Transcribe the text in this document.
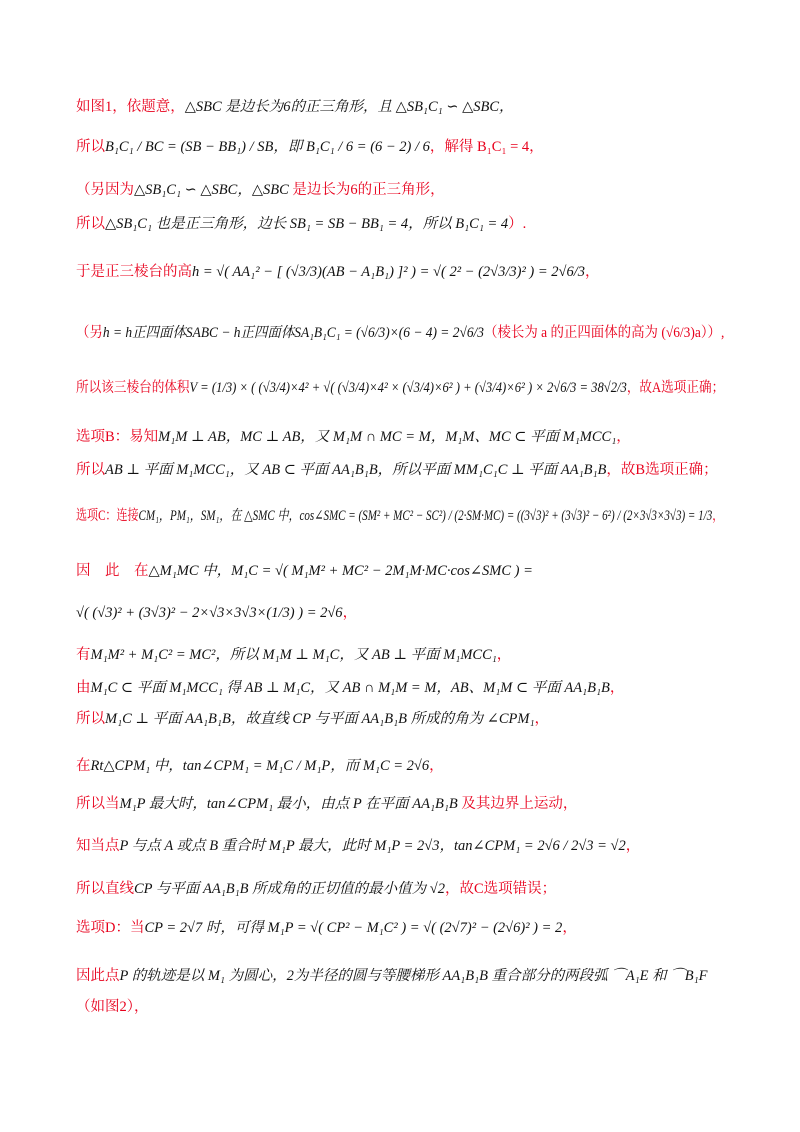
如图1，依题意，△SBC 是边长为6的正三角形，且 △SB₁C₁ ∽ △SBC，
所以B₁C₁ / BC = (SB − BB₁) / SB，即 B₁C₁ / 6 = (6 − 2) / 6，解得 B₁C₁ = 4，
（另因为△SB₁C₁ ∽ △SBC，△SBC 是边长为6的正三角形，
所以△SB₁C₁ 也是正三角形，边长 SB₁ = SB − BB₁ = 4，所以 B₁C₁ = 4）.
于是正三棱台的高h = √( AA₁² − [ (√3/3)(AB − A₁B₁) ]² ) = √( 2² − (2√3/3)² ) = 2√6/3，
（另h = h正四面体SABC − h正四面体SA₁B₁C₁ = (√6/3)×(6 − 4) = 2√6/3（棱长为 a 的正四面体的高为 (√6/3)a））,
所以该三棱台的体积V = (1/3) × ( (√3/4)×4² + √( (√3/4)×4² × (√3/4)×6² ) + (√3/4)×6² ) × 2√6/3 = 38√2/3，故A选项正确；
选项B：易知M₁M ⊥ AB，MC ⊥ AB，又 M₁M ∩ MC = M，M₁M、MC ⊂ 平面 M₁MCC₁，
所以AB ⊥ 平面 M₁MCC₁，又 AB ⊂ 平面 AA₁B₁B，所以平面 MM₁C₁C ⊥ 平面 AA₁B₁B，故B选项正确；
选项C：连接CM₁，PM₁，SM₁，在 △SMC 中，cos∠SMC = (SM² + MC² − SC²) / (2·SM·MC) = ((3√3)² + (3√3)² − 6²) / (2×3√3×3√3) = 1/3，
因　此　在△M₁MC 中，M₁C = √( M₁M² + MC² − 2M₁M·MC·cos∠SMC ) =
√( (√3)² + (3√3)² − 2×√3×3√3×(1/3) ) = 2√6，
有M₁M² + M₁C² = MC²，所以 M₁M ⊥ M₁C，又 AB ⊥ 平面 M₁MCC₁，
由M₁C ⊂ 平面 M₁MCC₁ 得 AB ⊥ M₁C，又 AB ∩ M₁M = M，AB、M₁M ⊂ 平面 AA₁B₁B，
所以M₁C ⊥ 平面 AA₁B₁B，故直线 CP 与平面 AA₁B₁B 所成的角为 ∠CPM₁，
在Rt△CPM₁ 中，tan∠CPM₁ = M₁C / M₁P，而 M₁C = 2√6，
所以当M₁P 最大时，tan∠CPM₁ 最小，由点 P 在平面 AA₁B₁B 及其边界上运动，
知当点P 与点 A 或点 B 重合时 M₁P 最大，此时 M₁P = 2√3，tan∠CPM₁ = 2√6 / 2√3 = √2，
所以直线CP 与平面 AA₁B₁B 所成角的正切值的最小值为 √2，故C选项错误；
选项D：当CP = 2√7 时，可得 M₁P = √( CP² − M₁C² ) = √( (2√7)² − (2√6)² ) = 2，
因此点P 的轨迹是以 M₁ 为圆心，2为半径的圆与等腰梯形 AA₁B₁B 重合部分的两段弧 ⌒A₁E 和 ⌒B₁F（如图2），
